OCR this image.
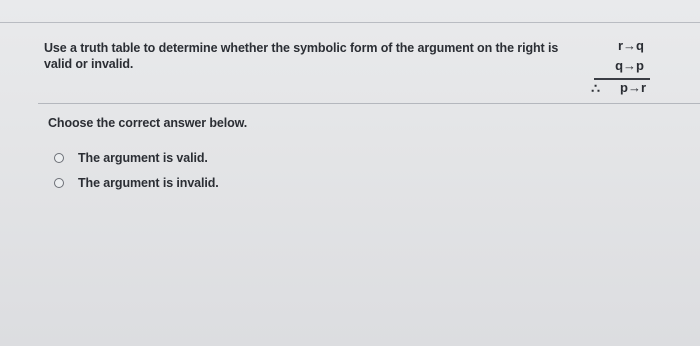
Use a truth table to determine whether the symbolic form of the argument on the right is valid or invalid.
r→q
q→p
∴ p→r
Choose the correct answer below.
The argument is valid.
The argument is invalid.
